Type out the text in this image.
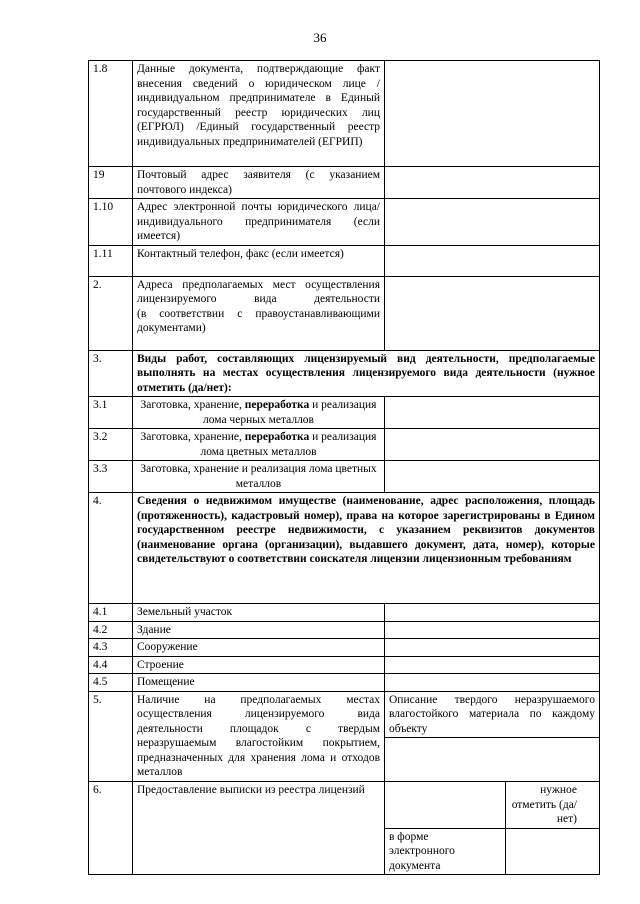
36
1.8	Данные документа, подтверждающие факт внесения сведений о юридическом лице /индивидуальном предпринимателе в Единый государственный реестр юридических лиц (ЕГРЮЛ) /Единый государственный реестр индивидуальных предпринимателей (ЕГРИП)		
19	Почтовый адрес заявителя (с указанием почтового индекса)		
1.10	Адрес электронной почты юридического лица/индивидуального предпринимателя (если имеется)		
1.11	Контактный телефон, факс (если имеется)		
2.	Адреса предполагаемых мест осуществления лицензируемого вида деятельности
(в соответствии с правоустанавливающими документами)		

3.	Виды работ, составляющих лицензируемый вид деятельности, предполагаемые выполнять на местах осуществления лицензируемого вида деятельности (нужное отметить (да/нет):		
3.1	Заготовка, хранение, переработка и реализация лома черных металлов		
3.2	Заготовка, хранение, переработка и реализация лома цветных металлов		
3.3	Заготовка, хранение и реализация лома цветных металлов		
4.	Сведения о недвижимом имуществе (наименование, адрес расположения, площадь (протяженность), кадастровый номер), права на которое зарегистрированы в Едином государственном реестре недвижимости, с указанием реквизитов документов (наименование органа (организации), выдавшего документ, дата, номер), которые свидетельствуют о соответствии соискателя лицензии лицензионным требованиям		
4.1	Земельный участок		
4.2	Здание		
4.3	Сооружение		
4.4	Строение		
4.5	Помещение		
5.	Наличие на предполагаемых местах осуществления лицензируемого вида деятельности площадок с твердым неразрушаемым влагостойким покрытием, предназначенных для хранения лома и отходов металлов	Описание твердого неразрушаемого влагостойкого материала по каждому объекту	

6.	Предоставление выписки из реестра лицензий		нужное отметить (да/нет)
		в форме электронного документа	
